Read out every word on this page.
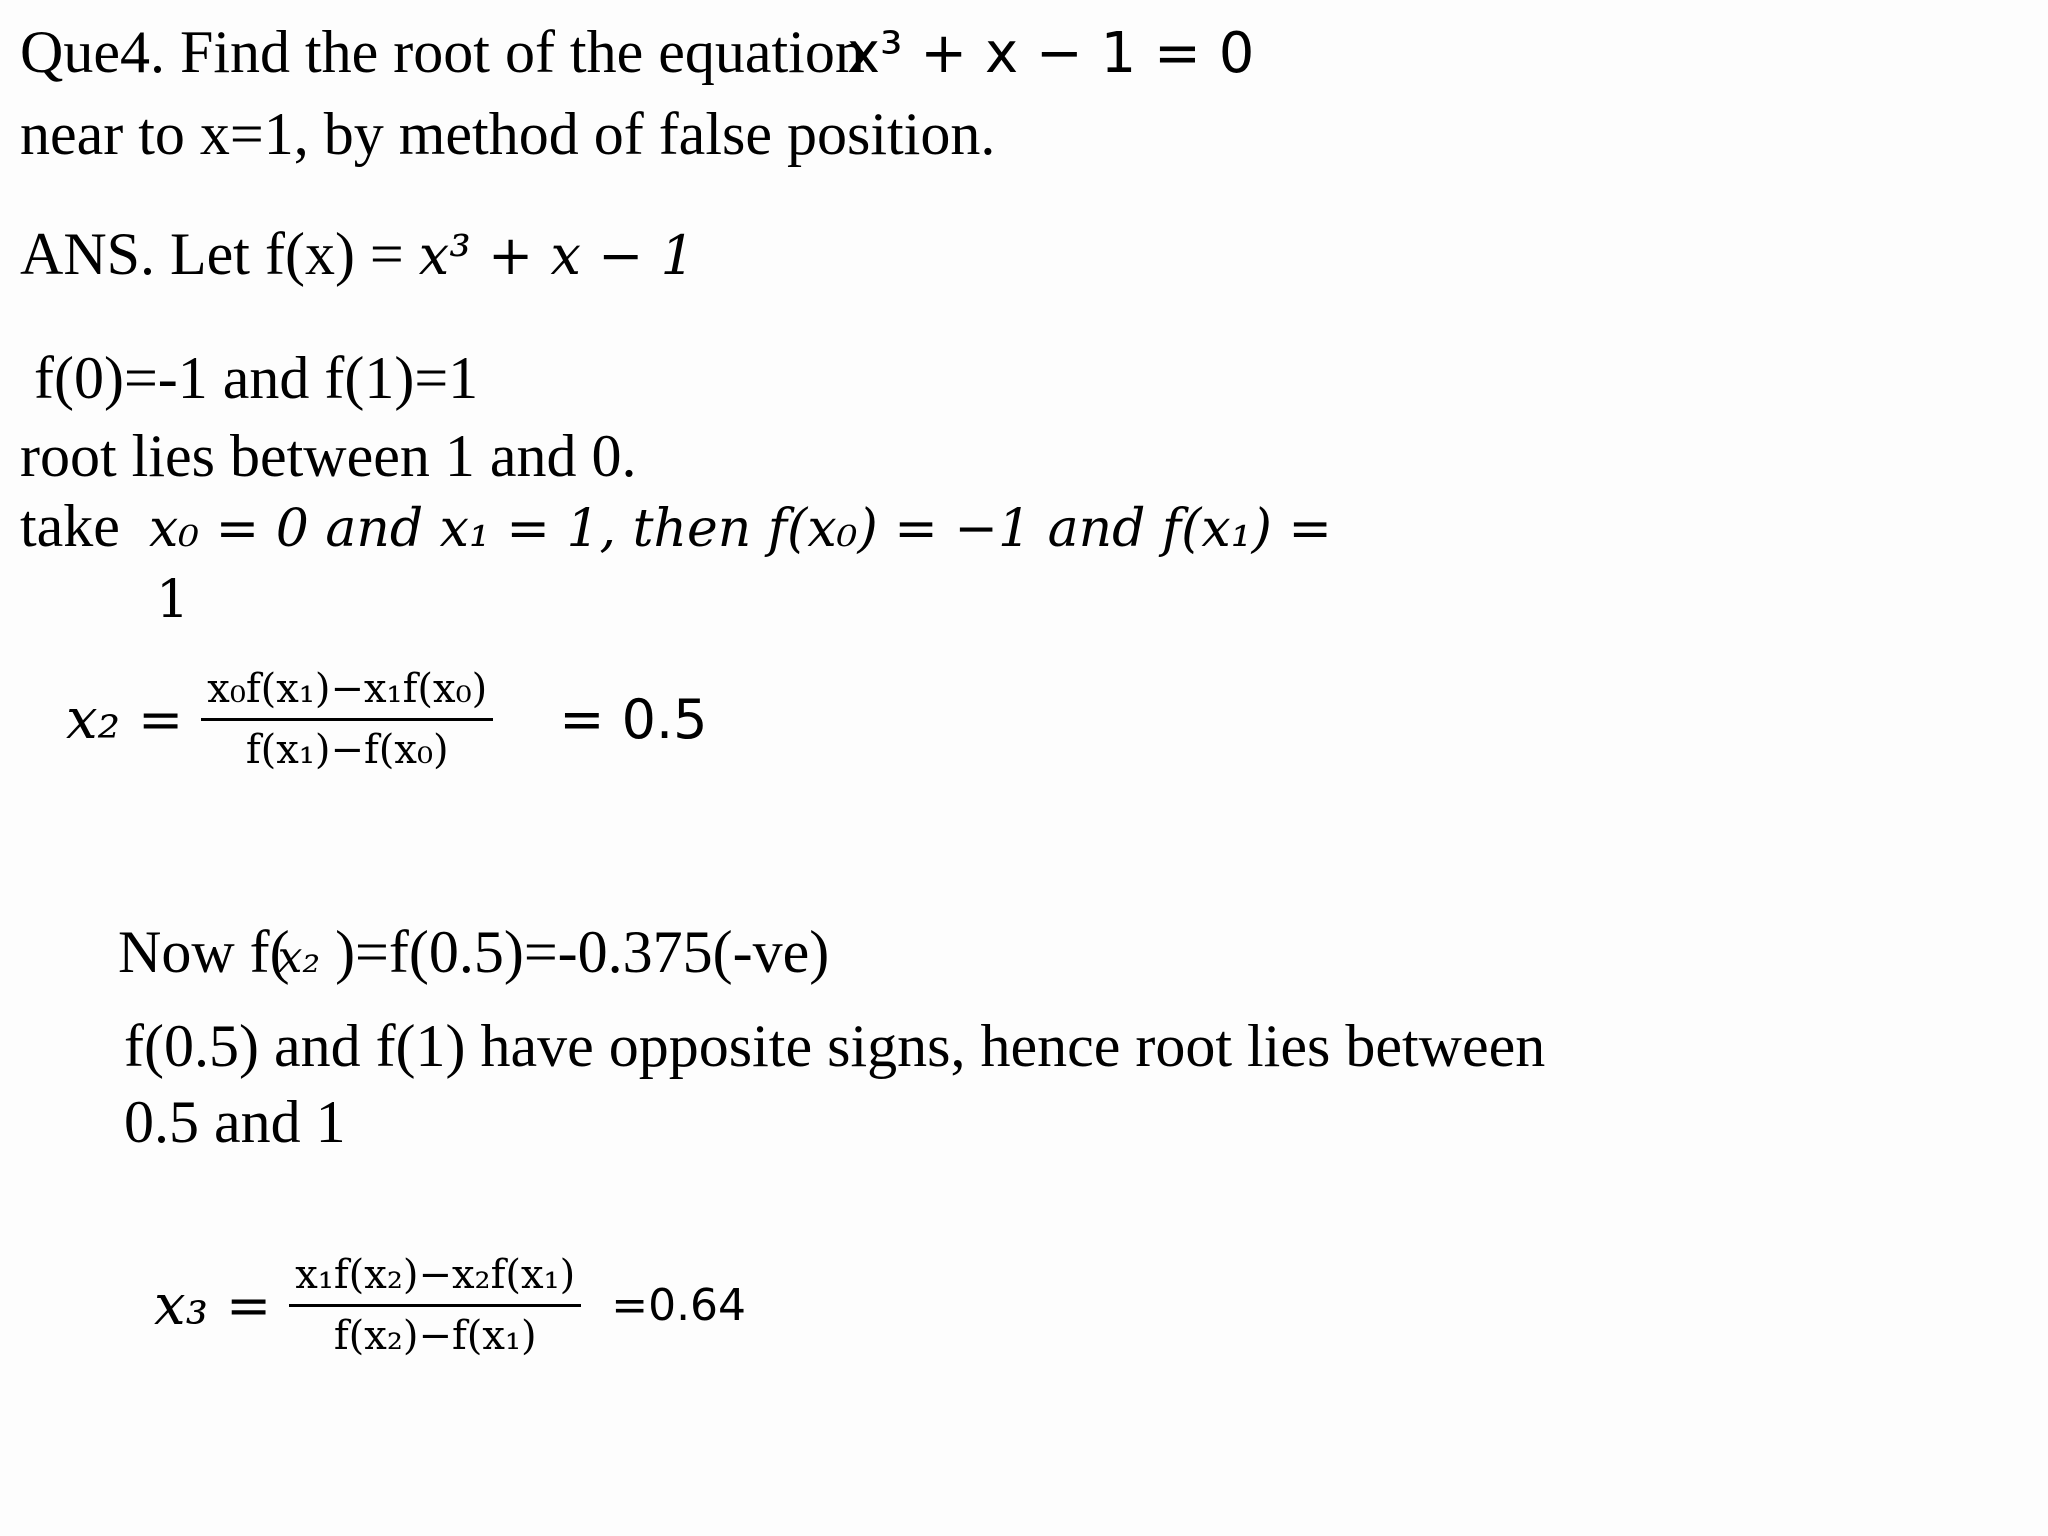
Que4. Find the root of the equationx³ + x − 1 = 0
near to x=1, by method of false position.
ANS. Let f(x) = x³ + x − 1
f(0)=-1 and f(1)=1
root lies between 1 and 0.
take x₀ = 0 and x₁ = 1, then f(x₀) = −1 and f(x₁) =
1
$x_2 = \frac{\text{x₀f(x₁)−x₁f(x₀)}}{\text{f(x₁)−f(x₀)}} = 0.5$
Now f(x₂ )=f(0.5)=-0.375(-ve)
f(0.5) and f(1) have opposite signs, hence root lies between
0.5 and 1
$x_3 = \frac{\text{x₁f(x₂)−x₂f(x₁)}}{\text{f(x₂)−f(x₁)}} =0.64$
